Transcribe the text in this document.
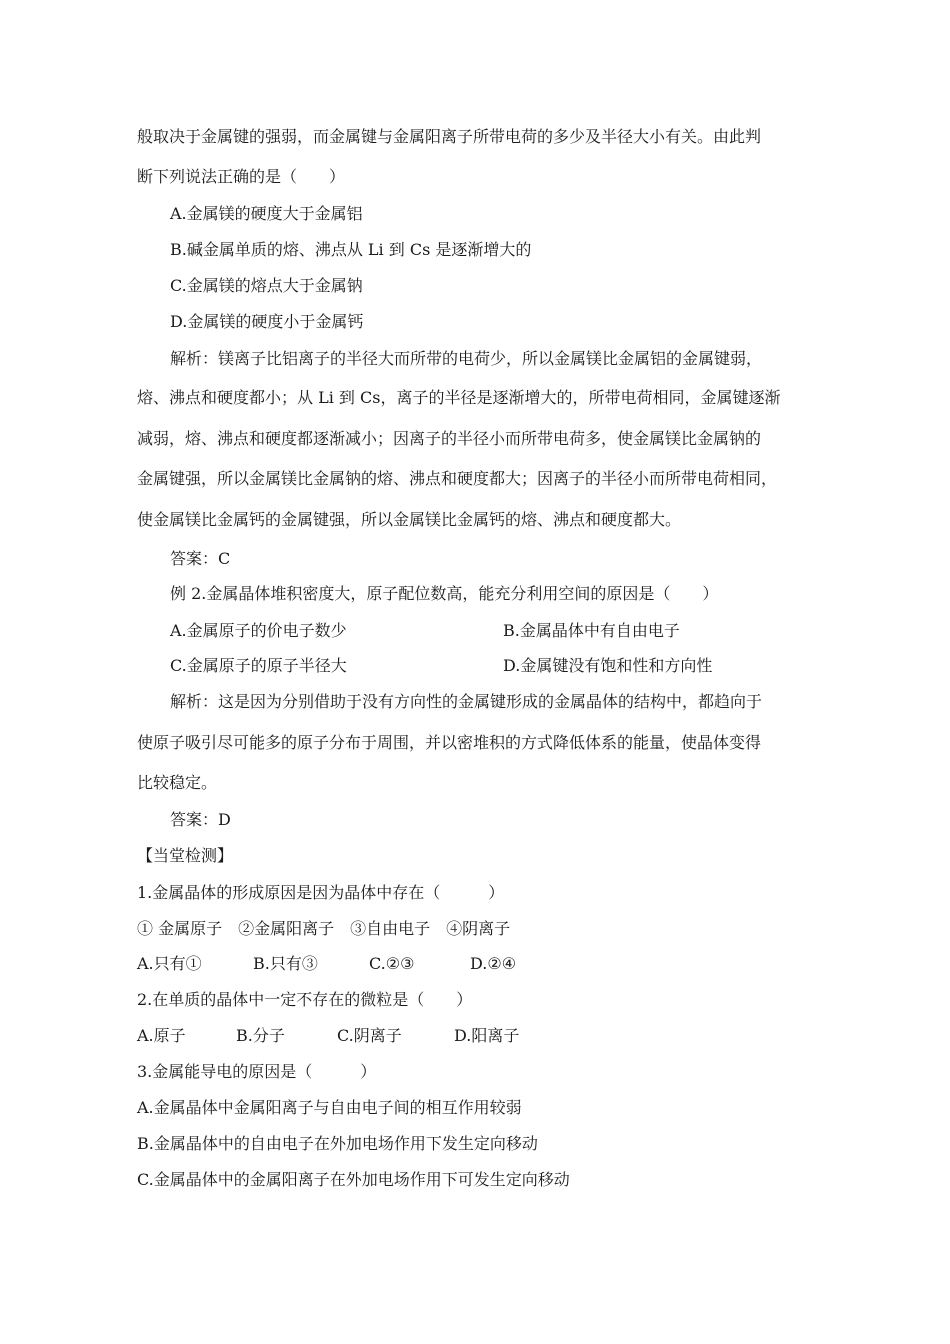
般取决于金属键的强弱，而金属键与金属阳离子所带电荷的多少及半径大小有关。由此判
断下列说法正确的是（　　）
A.金属镁的硬度大于金属铝
B.碱金属单质的熔、沸点从 Li 到 Cs 是逐渐增大的
C.金属镁的熔点大于金属钠
D.金属镁的硬度小于金属钙
解析：镁离子比铝离子的半径大而所带的电荷少，所以金属镁比金属铝的金属键弱，
熔、沸点和硬度都小；从 Li 到 Cs，离子的半径是逐渐增大的，所带电荷相同，金属键逐渐
减弱，熔、沸点和硬度都逐渐减小；因离子的半径小而所带电荷多，使金属镁比金属钠的
金属键强，所以金属镁比金属钠的熔、沸点和硬度都大；因离子的半径小而所带电荷相同，
使金属镁比金属钙的金属键强，所以金属镁比金属钙的熔、沸点和硬度都大。
答案：C
例 2.金属晶体堆积密度大，原子配位数高，能充分利用空间的原因是（　　）
A.金属原子的价电子数少	B.金属晶体中有自由电子
C.金属原子的原子半径大	D.金属键没有饱和性和方向性
解析：这是因为分别借助于没有方向性的金属键形成的金属晶体的结构中，都趋向于
使原子吸引尽可能多的原子分布于周围，并以密堆积的方式降低体系的能量，使晶体变得
比较稳定。
答案：D
【当堂检测】
1.金属晶体的形成原因是因为晶体中存在（　　　）
① 金属原子　②金属阳离子　③自由电子　④阴离子
A.只有①	B.只有③	C.②③	D.②④
2.在单质的晶体中一定不存在的微粒是（　　）
A.原子	B.分子	C.阴离子	D.阳离子
3.金属能导电的原因是（　　　）
A.金属晶体中金属阳离子与自由电子间的相互作用较弱
B.金属晶体中的自由电子在外加电场作用下发生定向移动
C.金属晶体中的金属阳离子在外加电场作用下可发生定向移动
